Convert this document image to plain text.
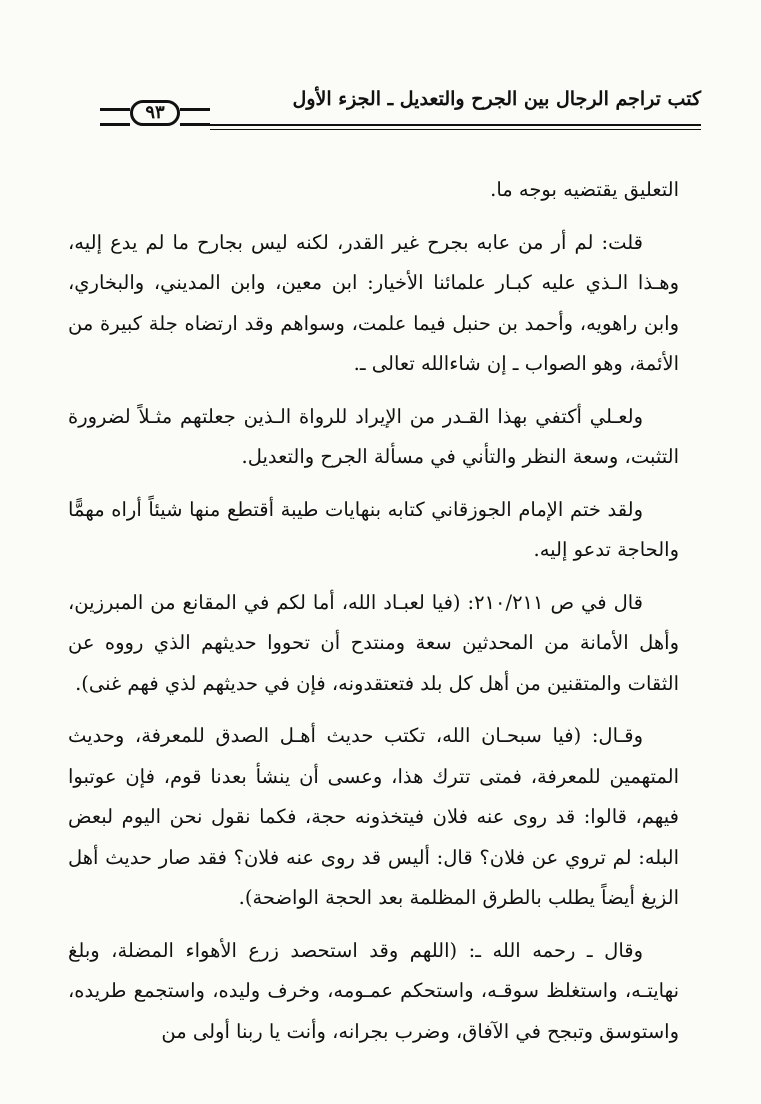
كتب تراجم الرجال بين الجرح والتعديل ـ الجزء الأول
٩٣

التعليق يقتضيه بوجه ما.

قلت: لم أر من عابه بجرح غير القدر، لكنه ليس بجارح ما لم يدع إليه، وهـذا الـذي عليه كبـار علمائنا الأخيار: ابن معين، وابن المديني، والبخاري، وابن راهويه، وأحمد بن حنبل فيما علمت، وسواهم وقد ارتضاه جلة كبيرة من الأئمة، وهو الصواب ـ إن شاءالله تعالى ـ.

ولعـلي أكتفي بهذا القـدر من الإيراد للرواة الـذين جعلتهم مثـلاً لضرورة التثبت، وسعة النظر والتأني في مسألة الجرح والتعديل.

ولقد ختم الإمام الجوزقاني كتابه بنهايات طيبة أقتطع منها شيئاً أراه مهمًّا والحاجة تدعو إليه.

قال في ص ٢١٠/٢١١: (فيا لعبـاد الله، أما لكم في المقانع من المبرزين، وأهل الأمانة من المحدثين سعة ومنتدح أن تحووا حديثهم الذي رووه عن الثقات والمتقنين من أهل كل بلد فتعتقدونه، فإن في حديثهم لذي فهم غنى).

وقـال: (فيا سبحـان الله، تكتب حديث أهـل الصدق للمعرفة، وحديث المتهمين للمعرفة، فمتى تترك هذا، وعسى أن ينشأ بعدنا قوم، فإن عوتبوا فيهم، قالوا: قد روى عنه فلان فيتخذونه حجة، فكما نقول نحن اليوم لبعض البله: لم تروي عن فلان؟ قال: أليس قد روى عنه فلان؟ فقد صار حديث أهل الزيغ أيضاً يطلب بالطرق المظلمة بعد الحجة الواضحة).

وقال ـ رحمه الله ـ: (اللهم وقد استحصد زرع الأهواء المضلة، وبلغ نهايتـه، واستغلظ سوقـه، واستحكم عمـومه، وخرف وليده، واستجمع طريده، واستوسق وتبجح في الآفاق، وضرب بجرانه، وأنت يا ربنا أولى من
